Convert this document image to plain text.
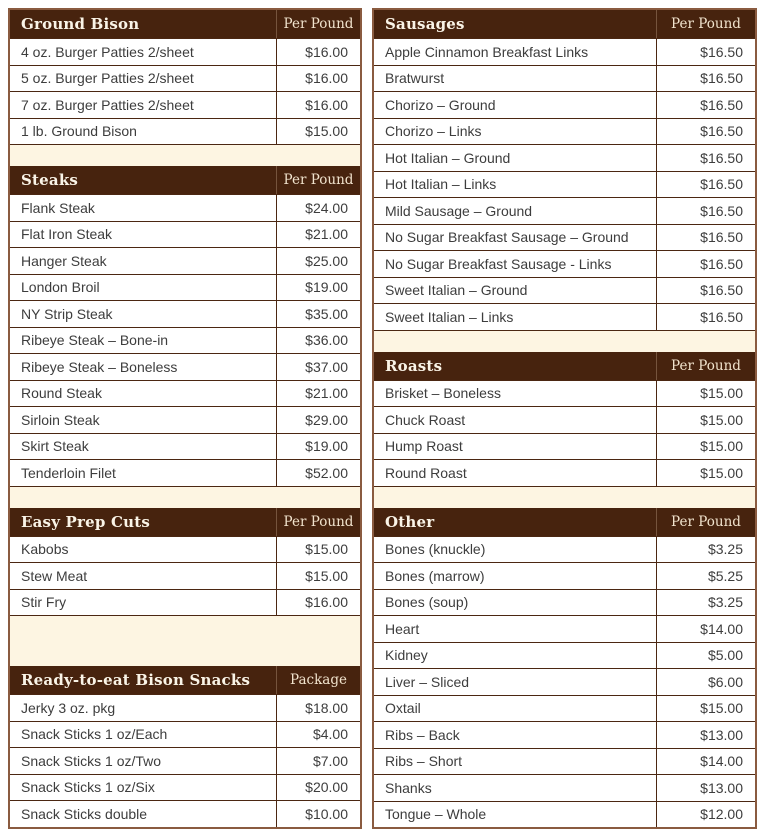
Ground Bison	Per Pound
4 oz. Burger Patties 2/sheet	$16.00
5 oz. Burger Patties 2/sheet	$16.00
7 oz. Burger Patties 2/sheet	$16.00
1 lb. Ground Bison	$15.00
Steaks	Per Pound
Flank Steak	$24.00
Flat Iron Steak	$21.00
Hanger Steak	$25.00
London Broil	$19.00
NY Strip Steak	$35.00
Ribeye Steak – Bone-in	$36.00
Ribeye Steak – Boneless	$37.00
Round Steak	$21.00
Sirloin Steak	$29.00
Skirt Steak	$19.00
Tenderloin Filet	$52.00
Easy Prep Cuts	Per Pound
Kabobs	$15.00
Stew Meat	$15.00
Stir Fry	$16.00
Ready-to-eat Bison Snacks	Package
Jerky 3 oz. pkg	$18.00
Snack Sticks 1 oz/Each	$4.00
Snack Sticks 1 oz/Two	$7.00
Snack Sticks 1 oz/Six	$20.00
Snack Sticks double	$10.00
Sausages	Per Pound
Apple Cinnamon Breakfast Links	$16.50
Bratwurst	$16.50
Chorizo – Ground	$16.50
Chorizo – Links	$16.50
Hot Italian – Ground	$16.50
Hot Italian – Links	$16.50
Mild Sausage – Ground	$16.50
No Sugar Breakfast Sausage – Ground	$16.50
No Sugar Breakfast Sausage - Links	$16.50
Sweet Italian – Ground	$16.50
Sweet Italian – Links	$16.50
Roasts	Per Pound
Brisket – Boneless	$15.00
Chuck Roast	$15.00
Hump Roast	$15.00
Round Roast	$15.00
Other	Per Pound
Bones (knuckle)	$3.25
Bones (marrow)	$5.25
Bones (soup)	$3.25
Heart	$14.00
Kidney	$5.00
Liver – Sliced	$6.00
Oxtail	$15.00
Ribs – Back	$13.00
Ribs – Short	$14.00
Shanks	$13.00
Tongue – Whole	$12.00
